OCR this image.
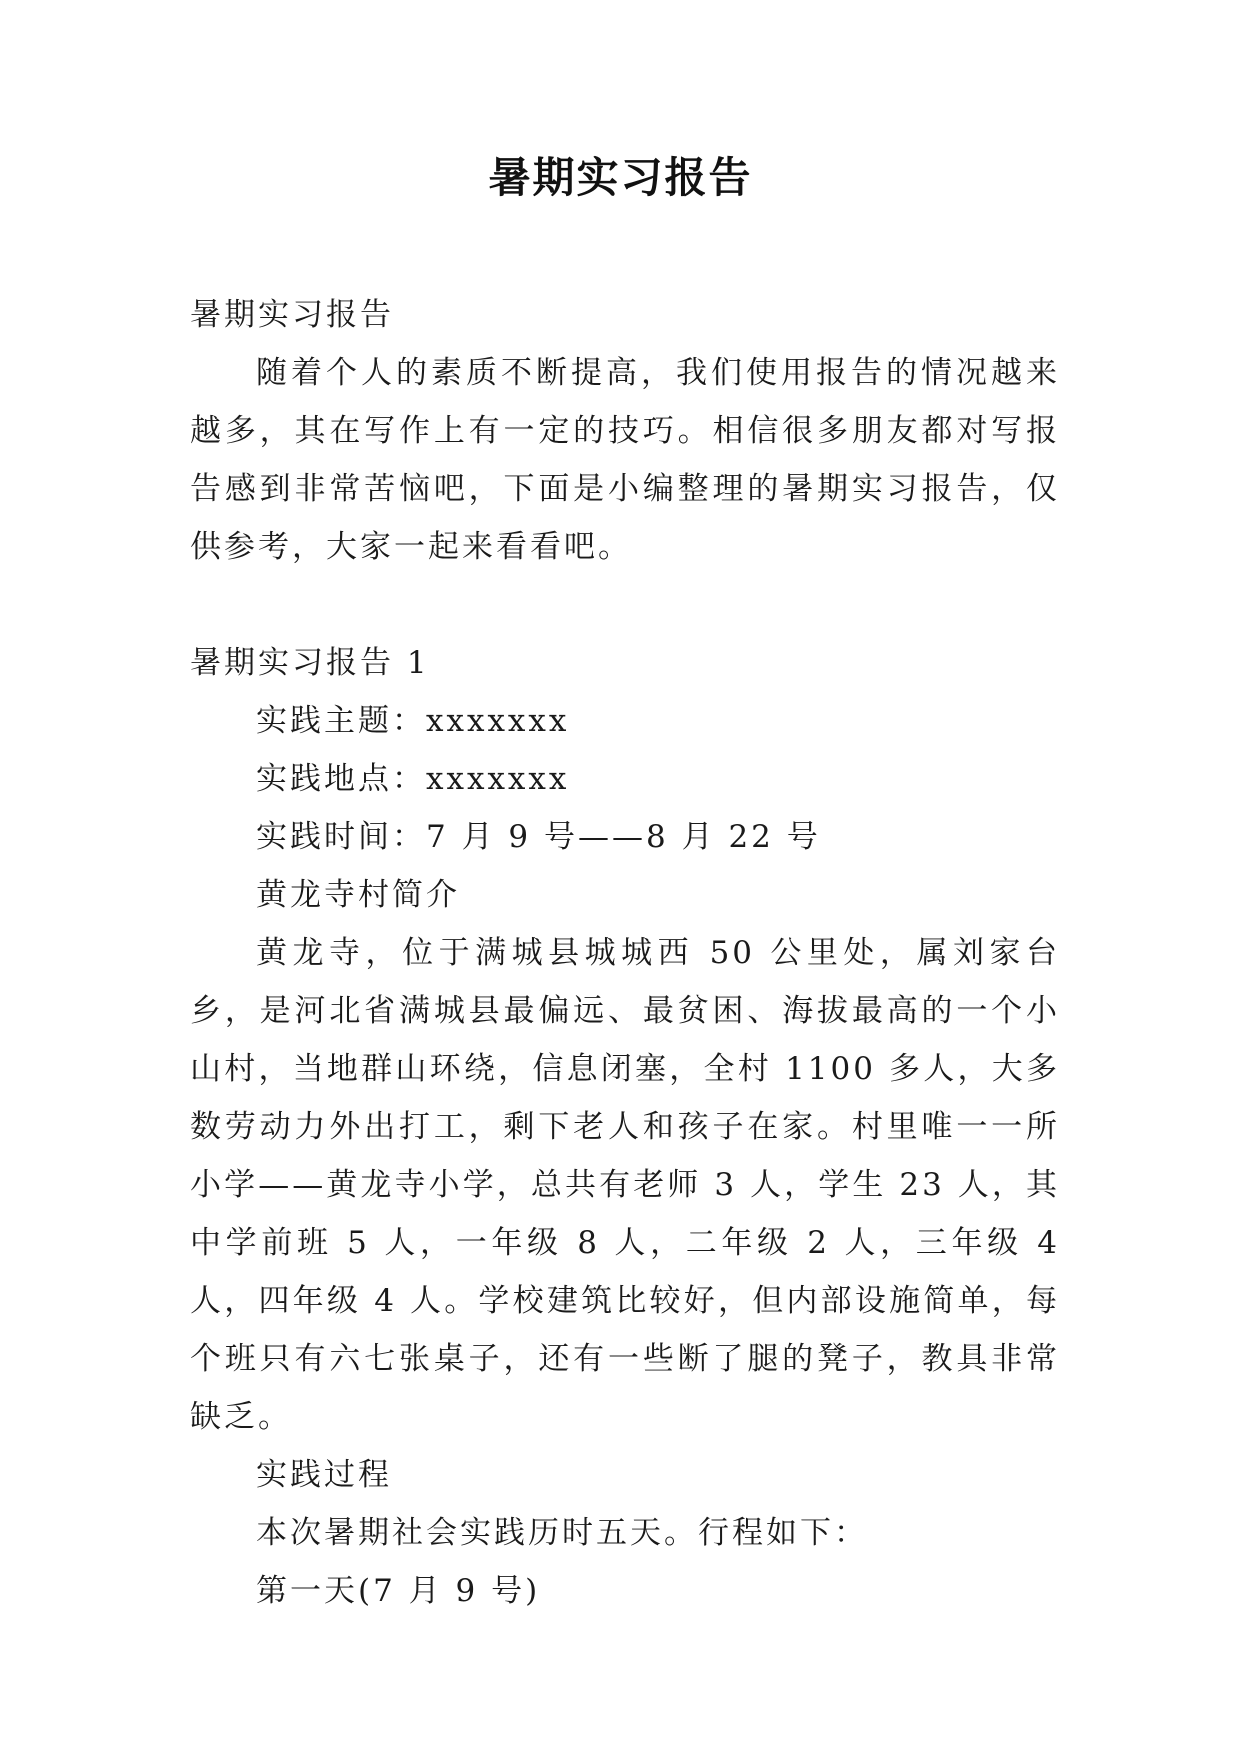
暑期实习报告

暑期实习报告

随着个人的素质不断提高，我们使用报告的情况越来越多，其在写作上有一定的技巧。相信很多朋友都对写报告感到非常苦恼吧，下面是小编整理的暑期实习报告，仅供参考，大家一起来看看吧。

暑期实习报告 1

实践主题：xxxxxxx

实践地点：xxxxxxx

实践时间：7 月 9 号——8 月 22 号

黄龙寺村简介

黄龙寺，位于满城县城城西 50 公里处，属刘家台乡，是河北省满城县最偏远、最贫困、海拔最高的一个小山村，当地群山环绕，信息闭塞，全村 1100 多人，大多数劳动力外出打工，剩下老人和孩子在家。村里唯一一所小学——黄龙寺小学，总共有老师 3 人，学生 23 人，其中学前班 5 人，一年级 8 人，二年级 2 人，三年级 4 人，四年级 4 人。学校建筑比较好，但内部设施简单，每个班只有六七张桌子，还有一些断了腿的凳子，教具非常缺乏。

实践过程

本次暑期社会实践历时五天。行程如下：

第一天(7 月 9 号)
